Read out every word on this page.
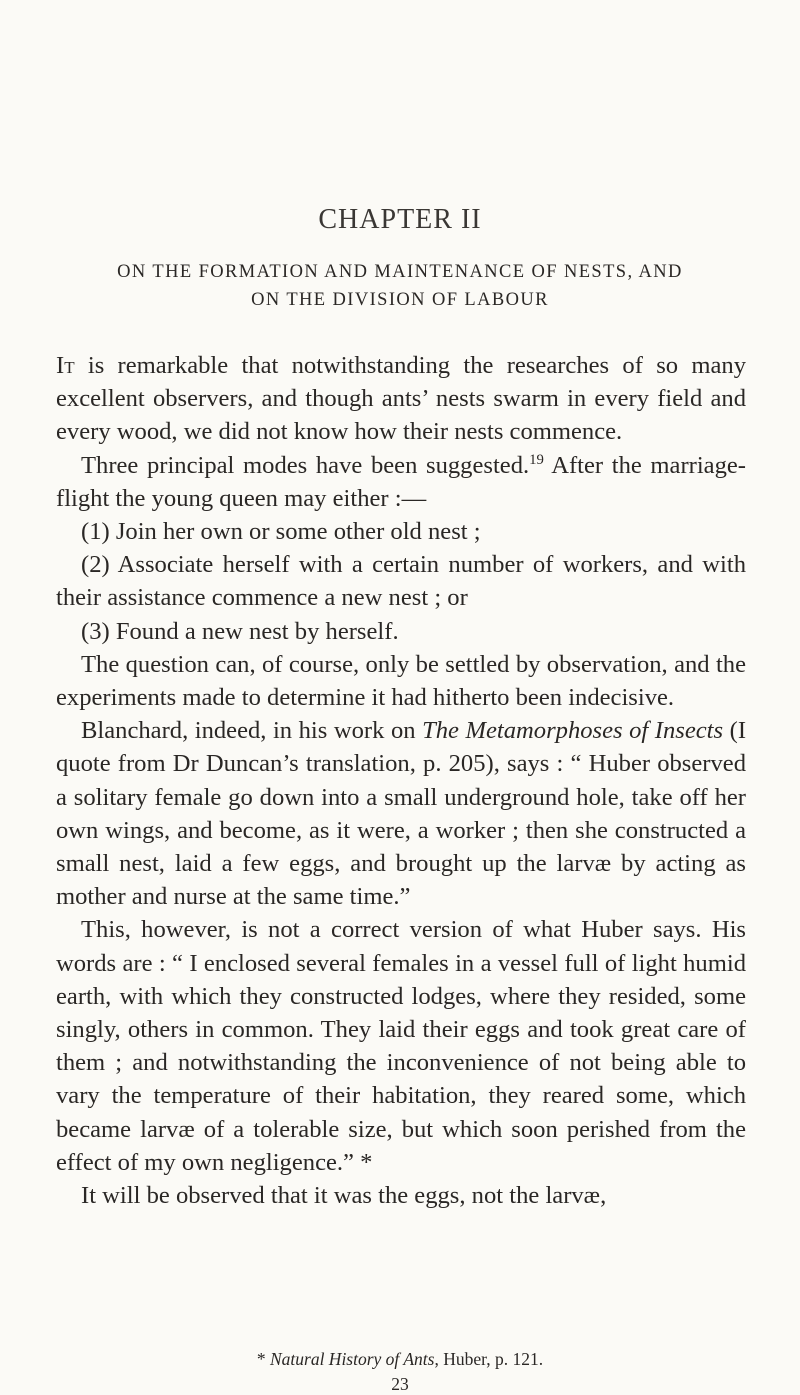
CHAPTER II
ON THE FORMATION AND MAINTENANCE OF NESTS, AND
ON THE DIVISION OF LABOUR

It is remarkable that notwithstanding the researches of so many excellent observers, and though ants’ nests swarm in every field and every wood, we did not know how their nests commence.

Three principal modes have been suggested.$^{19}$ After the marriage-flight the young queen may either :—

(1) Join her own or some other old nest ;

(2) Associate herself with a certain number of workers, and with their assistance commence a new nest ; or

(3) Found a new nest by herself.

The question can, of course, only be settled by observation, and the experiments made to determine it had hitherto been indecisive.

Blanchard, indeed, in his work on The Metamorphoses of Insects (I quote from Dr Duncan’s translation, p. 205), says : “ Huber observed a solitary female go down into a small underground hole, take off her own wings, and become, as it were, a worker ; then she constructed a small nest, laid a few eggs, and brought up the larvæ by acting as mother and nurse at the same time.”

This, however, is not a correct version of what Huber says. His words are : “ I enclosed several females in a vessel full of light humid earth, with which they constructed lodges, where they resided, some singly, others in common. They laid their eggs and took great care of them ; and notwithstanding the inconvenience of not being able to vary the temperature of their habitation, they reared some, which became larvæ of a tolerable size, but which soon perished from the effect of my own negligence.” *

It will be observed that it was the eggs, not the larvæ,

* Natural History of Ants, Huber, p. 121.
23
